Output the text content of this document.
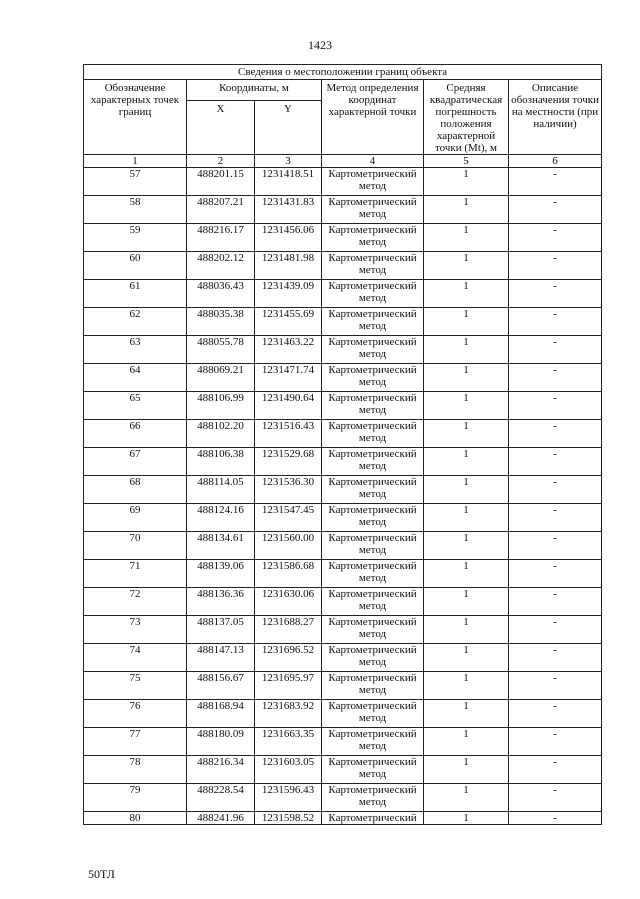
1423
Сведения о местоположении границ объекта					
Обозначение характерных точек границ	Координаты, м		Метод определения координат характерной точки	Средняя квадратическая погрешность положения характерной точки (Mt), м	Описание обозначения точки на местности (при наличии)
	X	Y			
1	2	3	4	5	6
57	488201.15	1231418.51	Картометрический метод	1	-
58	488207.21	1231431.83	Картометрический метод	1	-
59	488216.17	1231456.06	Картометрический метод	1	-
60	488202.12	1231481.98	Картометрический метод	1	-
61	488036.43	1231439.09	Картометрический метод	1	-
62	488035.38	1231455.69	Картометрический метод	1	-
63	488055.78	1231463.22	Картометрический метод	1	-
64	488069.21	1231471.74	Картометрический метод	1	-
65	488106.99	1231490.64	Картометрический метод	1	-
66	488102.20	1231516.43	Картометрический метод	1	-
67	488106.38	1231529.68	Картометрический метод	1	-
68	488114.05	1231536.30	Картометрический метод	1	-
69	488124.16	1231547.45	Картометрический метод	1	-
70	488134.61	1231560.00	Картометрический метод	1	-
71	488139.06	1231586.68	Картометрический метод	1	-
72	488136.36	1231630.06	Картометрический метод	1	-
73	488137.05	1231688.27	Картометрический метод	1	-
74	488147.13	1231696.52	Картометрический метод	1	-
75	488156.67	1231695.97	Картометрический метод	1	-
76	488168.94	1231683.92	Картометрический метод	1	-
77	488180.09	1231663.35	Картометрический метод	1	-
78	488216.34	1231603.05	Картометрический метод	1	-
79	488228.54	1231596.43	Картометрический метод	1	-
80	488241.96	1231598.52	Картометрический	1	-
50ТЛ
